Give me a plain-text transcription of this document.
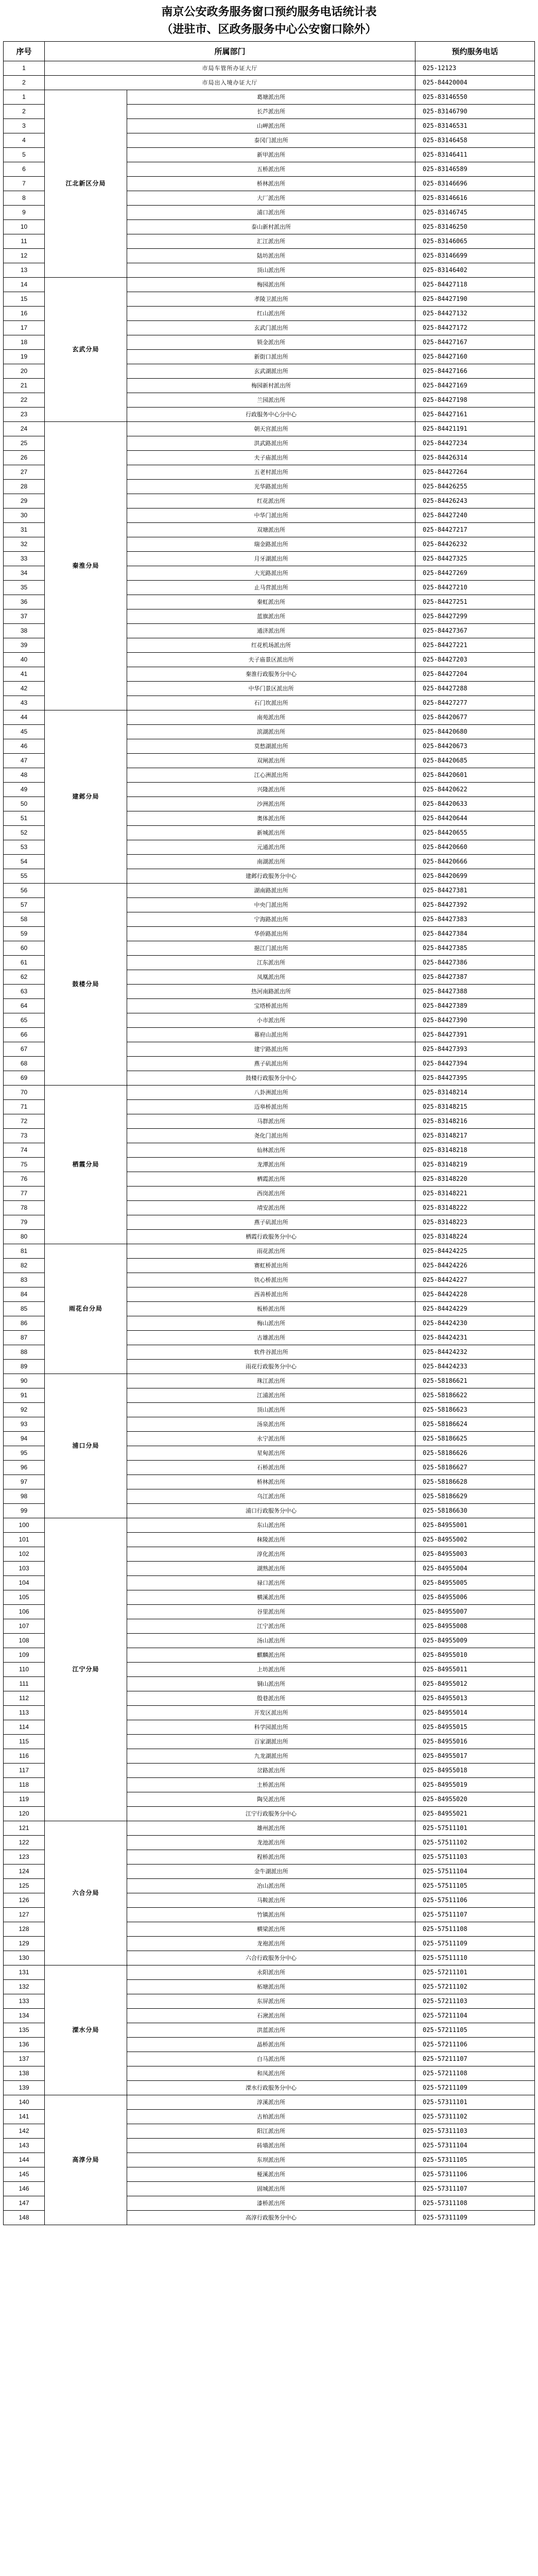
南京公安政务服务窗口预约服务电话统计表
（进驻市、区政务服务中心公安窗口除外）
序号	所属部门		预约服务电话
1	市局车管所办证大厅		025-12123
2	市局出入境办证大厅		025-84420004
1	江北新区分局	葛塘派出所	025-83146550
2		长芦派出所	025-83146790
3		山岬派出所	025-83146531
4		泰冈门派出所	025-83146458
5		新甲派出所	025-83146411
6		五桥派出所	025-83146589
7		桥林派出所	025-83146696
8		大厂派出所	025-83146616
9		浦口派出所	025-83146745
10		泰山新村派出所	025-83146250
11		汇江派出所	025-83146065
12		陆坊派出所	025-83146699
13		顶山派出所	025-83146402
14	玄武分局	梅园派出所	025-84427118
15		孝陵卫派出所	025-84427190
16		红山派出所	025-84427132
17		玄武门派出所	025-84427172
18		锁金派出所	025-84427167
19		新街口派出所	025-84427160
20		玄武湖派出所	025-84427166
21		梅园新村派出所	025-84427169
22		兰园派出所	025-84427198
23		行政服务中心分中心	025-84427161
24	秦淮分局	朝天宫派出所	025-84421191
25		洪武路派出所	025-84427234
26		夫子庙派出所	025-84426314
27		五老村派出所	025-84427264
28		光华路派出所	025-84426255
29		红花派出所	025-84426243
30		中华门派出所	025-84427240
31		双塘派出所	025-84427217
32		瑞金路派出所	025-84426232
33		月牙湖派出所	025-84427325
34		大光路派出所	025-84427269
35		止马营派出所	025-84427210
36		秦虹派出所	025-84427251
37		蓝旗派出所	025-84427299
38		通济派出所	025-84427367
39		红花机场派出所	025-84427221
40		夫子庙景区派出所	025-84427203
41		秦淮行政服务分中心	025-84427204
42		中华门景区派出所	025-84427288
43		石门坎派出所	025-84427277
44	建邺分局	南苑派出所	025-84420677
45		滨湖派出所	025-84420680
46		莫愁湖派出所	025-84420673
47		双闸派出所	025-84420685
48		江心洲派出所	025-84420601
49		兴隆派出所	025-84420622
50		沙洲派出所	025-84420633
51		奥体派出所	025-84420644
52		新城派出所	025-84420655
53		元通派出所	025-84420660
54		南湖派出所	025-84420666
55		建邺行政服务分中心	025-84420699
56	鼓楼分局	湖南路派出所	025-84427381
57		中央门派出所	025-84427392
58		宁海路派出所	025-84427383
59		华侨路派出所	025-84427384
60		挹江门派出所	025-84427385
61		江东派出所	025-84427386
62		凤凰派出所	025-84427387
63		热河南路派出所	025-84427388
64		宝塔桥派出所	025-84427389
65		小市派出所	025-84427390
66		幕府山派出所	025-84427391
67		建宁路派出所	025-84427393
68		燕子矶派出所	025-84427394
69		鼓楼行政服务分中心	025-84427395
70	栖霞分局	八卦洲派出所	025-83148214
71		迈皋桥派出所	025-83148215
72		马群派出所	025-83148216
73		尧化门派出所	025-83148217
74		仙林派出所	025-83148218
75		龙潭派出所	025-83148219
76		栖霞派出所	025-83148220
77		西岗派出所	025-83148221
78		靖安派出所	025-83148222
79		燕子矶派出所	025-83148223
80		栖霞行政服务分中心	025-83148224
81	雨花台分局	雨花派出所	025-84424225
82		赛虹桥派出所	025-84424226
83		铁心桥派出所	025-84424227
84		西善桥派出所	025-84424228
85		板桥派出所	025-84424229
86		梅山派出所	025-84424230
87		古雄派出所	025-84424231
88		软件谷派出所	025-84424232
89		雨花行政服务分中心	025-84424233
90	浦口分局	珠江派出所	025-58186621
91		江浦派出所	025-58186622
92		顶山派出所	025-58186623
93		汤泉派出所	025-58186624
94		永宁派出所	025-58186625
95		星甸派出所	025-58186626
96		石桥派出所	025-58186627
97		桥林派出所	025-58186628
98		乌江派出所	025-58186629
99		浦口行政服务分中心	025-58186630
100	江宁分局	东山派出所	025-84955001
101		秣陵派出所	025-84955002
102		淳化派出所	025-84955003
103		湖熟派出所	025-84955004
104		禄口派出所	025-84955005
105		横溪派出所	025-84955006
106		谷里派出所	025-84955007
107		江宁派出所	025-84955008
108		汤山派出所	025-84955009
109		麒麟派出所	025-84955010
110		上坊派出所	025-84955011
111		铜山派出所	025-84955012
112		殷巷派出所	025-84955013
113		开发区派出所	025-84955014
114		科学园派出所	025-84955015
115		百家湖派出所	025-84955016
116		九龙湖派出所	025-84955017
117		岔路派出所	025-84955018
118		土桥派出所	025-84955019
119		陶吴派出所	025-84955020
120		江宁行政服务分中心	025-84955021
121	六合分局	雄州派出所	025-57511101
122		龙池派出所	025-57511102
123		程桥派出所	025-57511103
124		金牛湖派出所	025-57511104
125		冶山派出所	025-57511105
126		马鞍派出所	025-57511106
127		竹镇派出所	025-57511107
128		横梁派出所	025-57511108
129		龙袍派出所	025-57511109
130		六合行政服务分中心	025-57511110
131	溧水分局	永阳派出所	025-57211101
132		柘塘派出所	025-57211102
133		东屏派出所	025-57211103
134		石湫派出所	025-57211104
135		洪蓝派出所	025-57211105
136		晶桥派出所	025-57211106
137		白马派出所	025-57211107
138		和凤派出所	025-57211108
139		溧水行政服务分中心	025-57211109
140	高淳分局	淳溪派出所	025-57311101
141		古柏派出所	025-57311102
142		阳江派出所	025-57311103
143		砖墙派出所	025-57311104
144		东坝派出所	025-57311105
145		桠溪派出所	025-57311106
146		固城派出所	025-57311107
147		漆桥派出所	025-57311108
148		高淳行政服务分中心	025-57311109
